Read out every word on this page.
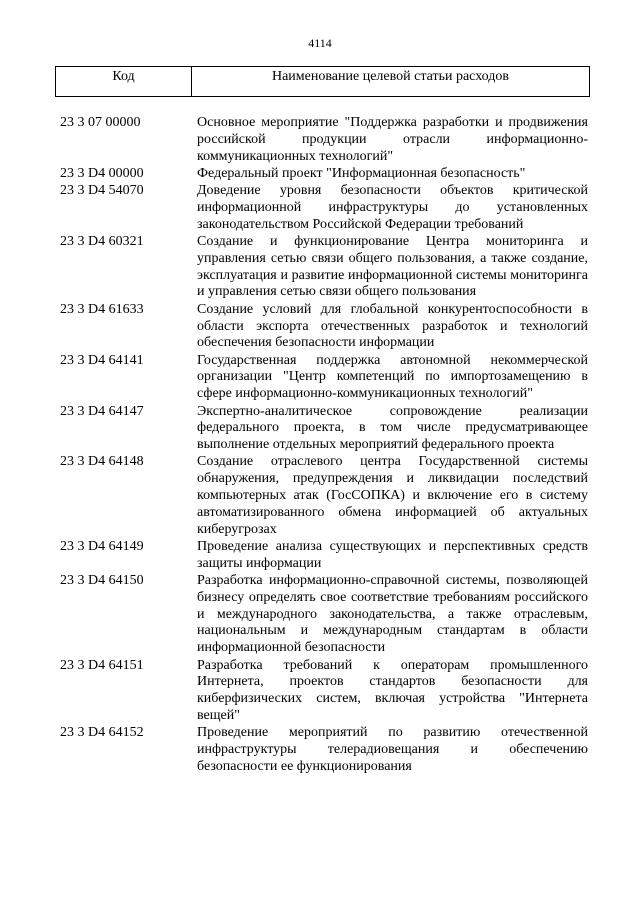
4114
Код	Наименование целевой статьи расходов
23 3 07 00000	Основное мероприятие "Поддержка разработки и продвижения российской продукции отрасли информационно-коммуникационных технологий"
23 3 D4 00000	Федеральный проект "Информационная безопасность"
23 3 D4 54070	Доведение уровня безопасности объектов критической информационной инфраструктуры до установленных законодательством Российской Федерации требований
23 3 D4 60321	Создание и функционирование Центра мониторинга и управления сетью связи общего пользования, а также создание, эксплуатация и развитие информационной системы мониторинга и управления сетью связи общего пользования
23 3 D4 61633	Создание условий для глобальной конкурентоспособности в области экспорта отечественных разработок и технологий обеспечения безопасности информации
23 3 D4 64141	Государственная поддержка автономной некоммерческой организации "Центр компетенций по импортозамещению в сфере информационно-коммуникационных технологий"
23 3 D4 64147	Экспертно-аналитическое сопровождение реализации федерального проекта, в том числе предусматривающее выполнение отдельных мероприятий федерального проекта
23 3 D4 64148	Создание отраслевого центра Государственной системы обнаружения, предупреждения и ликвидации последствий компьютерных атак (ГосСОПКА) и включение его в систему автоматизированного обмена информацией об актуальных киберугрозах
23 3 D4 64149	Проведение анализа существующих и перспективных средств защиты информации
23 3 D4 64150	Разработка информационно-справочной системы, позволяющей бизнесу определять свое соответствие требованиям российского и международного законодательства, а также отраслевым, национальным и международным стандартам в области информационной безопасности
23 3 D4 64151	Разработка требований к операторам промышленного Интернета, проектов стандартов безопасности для киберфизических систем, включая устройства "Интернета вещей"
23 3 D4 64152	Проведение мероприятий по развитию отечественной инфраструктуры телерадиовещания и обеспечению безопасности ее функционирования
